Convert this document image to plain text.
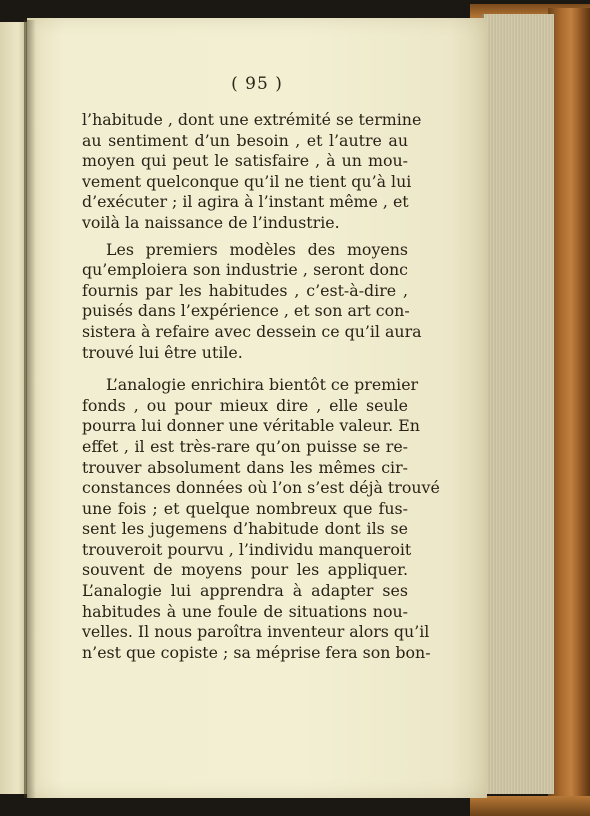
( 95 )

l’habitude , dont une extrémité se termine
au sentiment d’un besoin , et l’autre au
moyen qui peut le satisfaire , à un mou-
vement quelconque qu’il ne tient qu’à lui
d’exécuter ; il agira à l’instant même , et
voilà la naissance de l’industrie.

Les premiers modèles des moyens
qu’emploiera son industrie , seront donc
fournis par les habitudes , c’est-à-dire ,
puisés dans l’expérience , et son art con-
sistera à refaire avec dessein ce qu’il aura
trouvé lui être utile.

L’analogie enrichira bientôt ce premier
fonds , ou pour mieux dire , elle seule
pourra lui donner une véritable valeur. En
effet , il est très-rare qu’on puisse se re-
trouver absolument dans les mêmes cir-
constances données où l’on s’est déjà trouvé
une fois ; et quelque nombreux que fus-
sent les jugemens d’habitude dont ils se
trouveroit pourvu , l’individu manqueroit
souvent de moyens pour les appliquer.
L’analogie lui apprendra à adapter ses
habitudes à une foule de situations nou-
velles. Il nous paroîtra inventeur alors qu’il
n’est que copiste ; sa méprise fera son bon-
